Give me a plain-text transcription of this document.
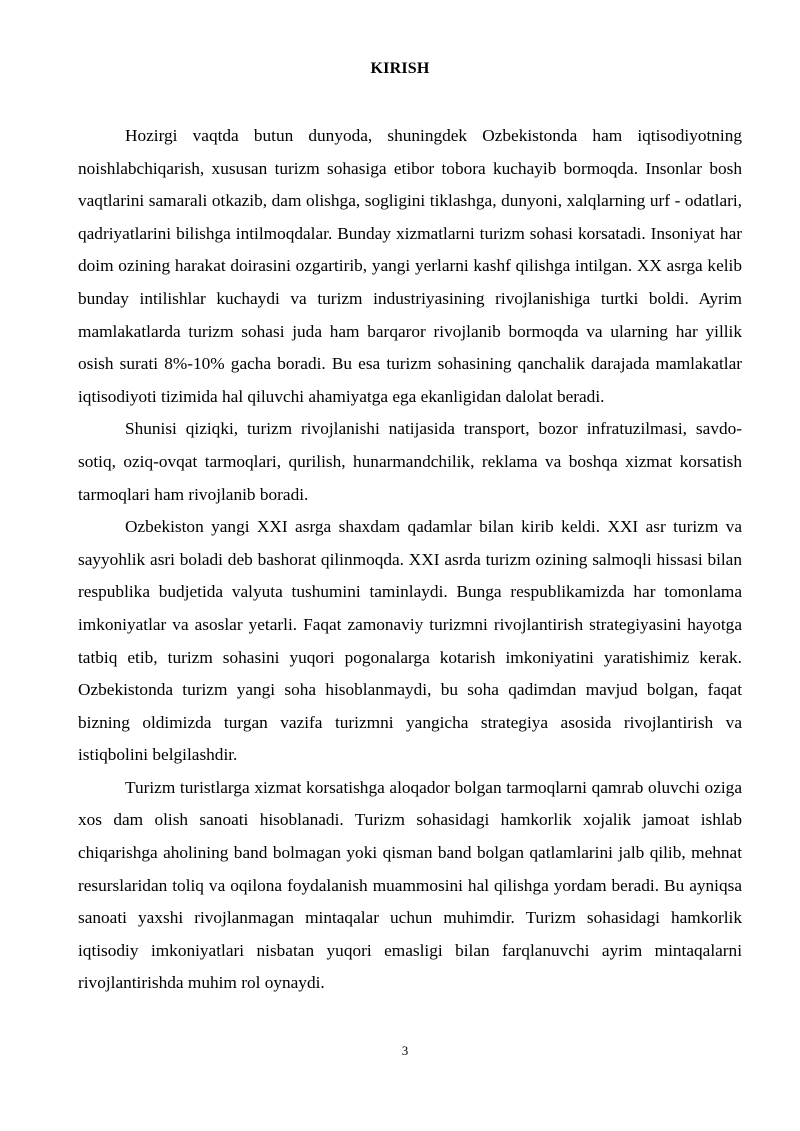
KIRISH

Hozirgi vaqtda butun dunyoda, shuningdek Ozbekistonda ham iqtisodiyotning noishlabchiqarish, xususan turizm sohasiga etibor tobora kuchayib bormoqda. Insonlar bosh vaqtlarini samarali otkazib, dam olishga, sogligini tiklashga, dunyoni, xalqlarning urf - odatlari, qadriyatlarini bilishga intilmoqdalar. Bunday xizmatlarni turizm sohasi korsatadi. Insoniyat har doim ozining harakat doirasini ozgartirib, yangi yerlarni kashf qilishga intilgan. XX asrga kelib bunday intilishlar kuchaydi va turizm industriyasining rivojlanishiga turtki boldi. Ayrim mamlakatlarda turizm sohasi juda ham barqaror rivojlanib bormoqda va ularning har yillik osish surati 8%-10% gacha boradi. Bu esa turizm sohasining qanchalik darajada mamlakatlar iqtisodiyoti tizimida hal qiluvchi ahamiyatga ega ekanligidan dalolat beradi.

Shunisi qiziqki, turizm rivojlanishi natijasida transport, bozor infratuzilmasi, savdo-sotiq, oziq-ovqat tarmoqlari, qurilish, hunarmandchilik, reklama va boshqa xizmat korsatish tarmoqlari ham rivojlanib boradi.

Ozbekiston yangi XXI asrga shaxdam qadamlar bilan kirib keldi. XXI asr turizm va sayyohlik asri boladi deb bashorat qilinmoqda. XXI asrda turizm ozining salmoqli hissasi bilan respublika budjetida valyuta tushumini taminlaydi. Bunga respublikamizda har tomonlama imkoniyatlar va asoslar yetarli. Faqat zamonaviy turizmni rivojlantirish strategiyasini hayotga tatbiq etib, turizm sohasini yuqori pogonalarga kotarish imkoniyatini yaratishimiz kerak. Ozbekistonda turizm yangi soha hisoblanmaydi, bu soha qadimdan mavjud bolgan, faqat bizning oldimizda turgan vazifa turizmni yangicha strategiya asosida rivojlantirish va istiqbolini belgilashdir.

Turizm turistlarga xizmat korsatishga aloqador bolgan tarmoqlarni qamrab oluvchi oziga xos dam olish sanoati hisoblanadi. Turizm sohasidagi hamkorlik xojalik jamoat ishlab chiqarishga aholining band bolmagan yoki qisman band bolgan qatlamlarini jalb qilib, mehnat resurslaridan toliq va oqilona foydalanish muammosini hal qilishga yordam beradi. Bu ayniqsa sanoati yaxshi rivojlanmagan mintaqalar uchun muhimdir. Turizm sohasidagi hamkorlik iqtisodiy imkoniyatlari nisbatan yuqori emasligi bilan farqlanuvchi ayrim mintaqalarni rivojlantirishda muhim rol oynaydi.

3
